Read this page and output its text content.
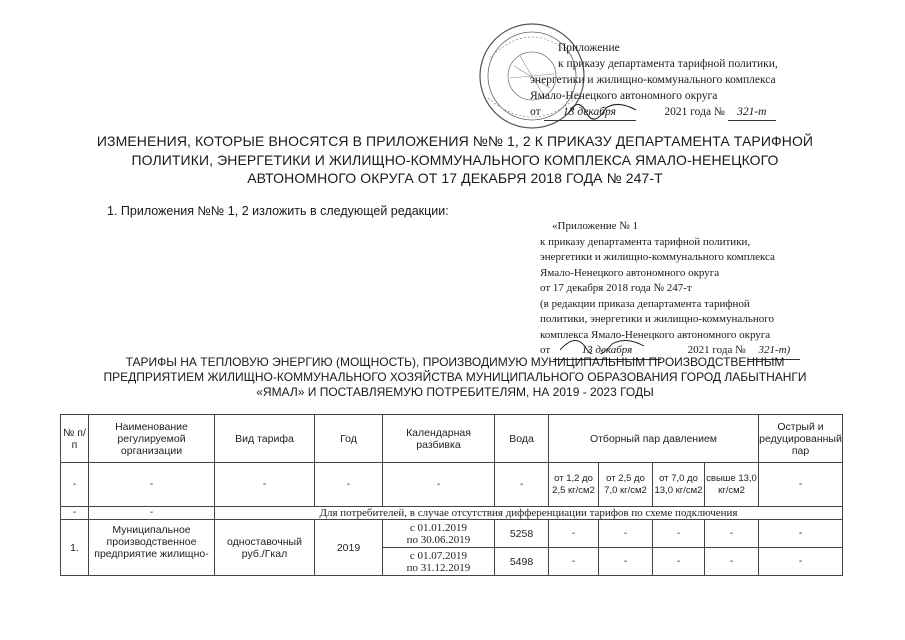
Приложение
к приказу департамента тарифной политики,
энергетики и жилищно-коммунального комплекса
Ямало-Ненецкого автономного округа
от 13 декабря	2021 года № 321-т
ИЗМЕНЕНИЯ, КОТОРЫЕ ВНОСЯТСЯ В ПРИЛОЖЕНИЯ №№ 1, 2 К ПРИКАЗУ ДЕПАРТАМЕНТА ТАРИФНОЙ
ПОЛИТИКИ, ЭНЕРГЕТИКИ И ЖИЛИЩНО-КОММУНАЛЬНОГО КОМПЛЕКСА ЯМАЛО-НЕНЕЦКОГО
АВТОНОМНОГО ОКРУГА ОТ 17 ДЕКАБРЯ 2018 ГОДА № 247-Т
1. Приложения №№ 1, 2 изложить в следующей редакции:
«Приложение № 1
к приказу департамента тарифной политики,
энергетики и жилищно-коммунального комплекса
Ямало-Ненецкого автономного округа
от 17 декабря 2018 года № 247-т
(в редакции приказа департамента тарифной
политики, энергетики и жилищно-коммунального
комплекса Ямало-Ненецкого автономного округа
от	13 декабря	2021 года № 321-т)
ТАРИФЫ НА ТЕПЛОВУЮ ЭНЕРГИЮ (МОЩНОСТЬ), ПРОИЗВОДИМУЮ МУНИЦИПАЛЬНЫМ ПРОИЗВОДСТВЕННЫМ
ПРЕДПРИЯТИЕМ ЖИЛИЩНО-КОММУНАЛЬНОГО ХОЗЯЙСТВА МУНИЦИПАЛЬНОГО ОБРАЗОВАНИЯ ГОРОД ЛАБЫТНАНГИ
«ЯМАЛ» И ПОСТАВЛЯЕМУЮ ПОТРЕБИТЕЛЯМ, НА 2019 - 2023 ГОДЫ
№ п/п	Наименование регулируемой организации	Вид тарифа	Год	Календарная разбивка	Вода	Отборный пар давлением				Острый и редуцированный пар
-	-	-	-	-	-	от 1,2 до 2,5 кг/см2	от 2,5 до 7,0 кг/см2	от 7,0 до 13,0 кг/см2	свыше 13,0 кг/см2	-
-	-	Для потребителей, в случае отсутствия дифференциации тарифов по схеме подключения								
1.	Муниципальное производственное предприятие жилищно-	одноставочный руб./Гкал	2019	с 01.01.2019
по 30.06.2019	5258	-	-	-	-	-

				с 01.07.2019
по 31.12.2019	5498	-	-	-	-	-
